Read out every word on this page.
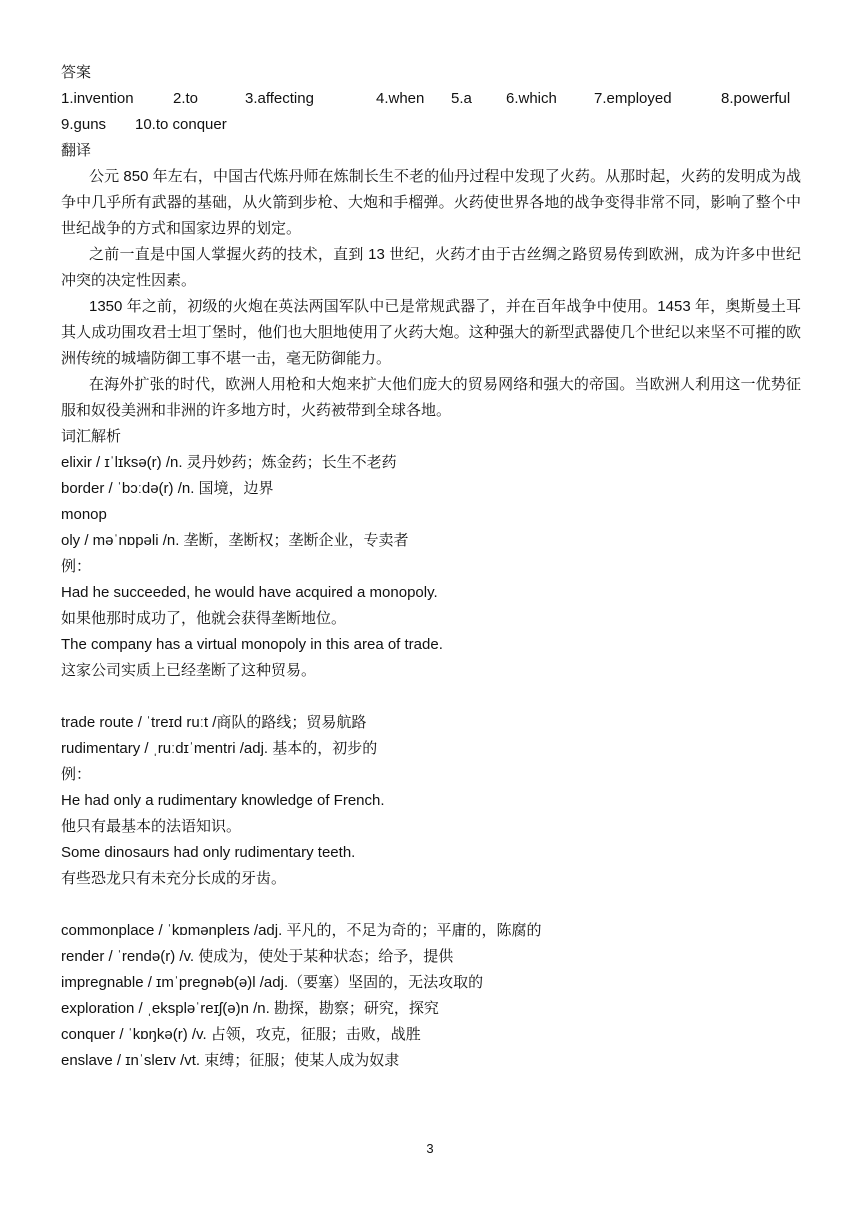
答案

1.invention	2.to	3.affecting	4.when	5.a	6.which	7.employed	8.powerful
9.guns	10.to conquer

翻译

公元 850 年左右，中国古代炼丹师在炼制长生不老的仙丹过程中发现了火药。从那时起，火药的发明成为战争中几乎所有武器的基础，从火箭到步枪、大炮和手榴弹。火药使世界各地的战争变得非常不同，影响了整个中世纪战争的方式和国家边界的划定。

之前一直是中国人掌握火药的技术，直到 13 世纪，火药才由于古丝绸之路贸易传到欧洲，成为许多中世纪冲突的决定性因素。

1350 年之前，初级的火炮在英法两国军队中已是常规武器了，并在百年战争中使用。1453 年，奥斯曼土耳其人成功围攻君士坦丁堡时，他们也大胆地使用了火药大炮。这种强大的新型武器使几个世纪以来坚不可摧的欧洲传统的城墙防御工事不堪一击，毫无防御能力。

在海外扩张的时代，欧洲人用枪和大炮来扩大他们庞大的贸易网络和强大的帝国。当欧洲人利用这一优势征服和奴役美洲和非洲的许多地方时，火药被带到全球各地。

词汇解析

elixir / ɪˈlɪksə(r) /n. 灵丹妙药；炼金药；长生不老药

border / ˈbɔːdə(r) /n. 国境，边界

monop

oly / məˈnɒpəli /n. 垄断，垄断权；垄断企业，专卖者

例：

Had he succeeded, he would have acquired a monopoly.

如果他那时成功了，他就会获得垄断地位。

The company has a virtual monopoly in this area of trade.

这家公司实质上已经垄断了这种贸易。

trade route / ˈtreɪd ruːt /商队的路线；贸易航路

rudimentary / ˌruːdɪˈmentri /adj. 基本的，初步的

例：

He had only a rudimentary knowledge of French.

他只有最基本的法语知识。

Some dinosaurs had only rudimentary teeth.

有些恐龙只有未充分长成的牙齿。

commonplace / ˈkɒmənpleɪs /adj. 平凡的，不足为奇的；平庸的，陈腐的

render / ˈrendə(r) /v. 使成为，使处于某种状态；给予，提供

impregnable / ɪmˈpregnəb(ə)l /adj.（要塞）坚固的，无法攻取的

exploration / ˌekspləˈreɪʃ(ə)n /n. 勘探，勘察；研究，探究

conquer / ˈkɒŋkə(r) /v. 占领，攻克，征服；击败，战胜

enslave / ɪnˈsleɪv /vt. 束缚；征服；使某人成为奴隶

3
